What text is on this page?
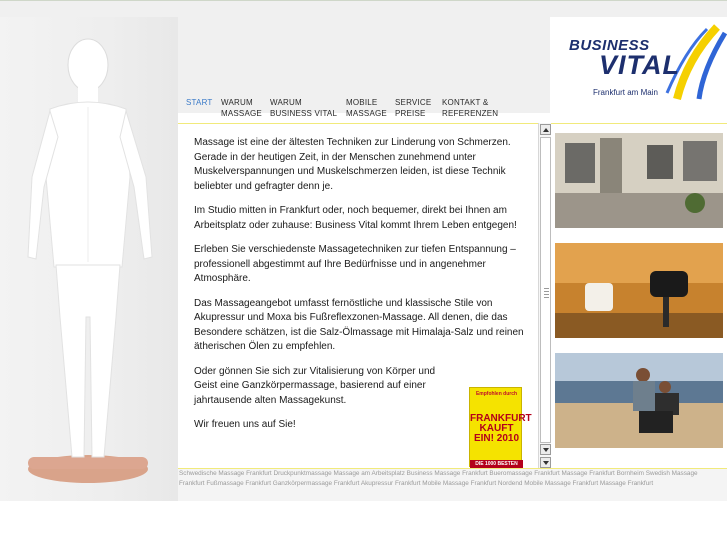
BUSINESS
VITAL
Frankfurt am Main
START	WARUM MASSAGE
WARUM BUSINESS VITAL
MOBILE MASSAGE
SERVICE PREISE
KONTAKT & REFERENZEN

Massage ist eine der ältesten Techniken zur Linderung von Schmerzen. Gerade in der heutigen Zeit, in der Menschen zunehmend unter Muskelverspannungen und Muskelschmerzen leiden, ist diese Technik beliebter und gefragter denn je.

Im Studio mitten in Frankfurt oder, noch bequemer, direkt bei Ihnen am Arbeitsplatz oder zuhause: Business Vital kommt Ihrem Leben entgegen!

Erleben Sie verschiedenste Massagetechniken zur tiefen Entspannung – professionell abgestimmt auf Ihre Bedürfnisse und in angenehmer Atmosphäre.

Das Massageangebot umfasst fernöstliche und klassische Stile von Akupressur und Moxa bis Fußreflexzonen-Massage. All denen, die das Besondere schätzen, ist die Salz-Ölmassage mit Himalaja-Salz und reinen ätherischen Ölen zu empfehlen.

Oder gönnen Sie sich zur Vitalisierung von Körper und Geist eine Ganzkörpermassage, basierend auf einer jahrtausende alten Massagekunst.

Wir freuen uns auf Sie!

Empfohlen durch
FRANKFURT KAUFT EIN! 2010
DIE 1000 BESTEN

Schwedische Massage Frankfurt Druckpunktmassage Massage am Arbeitsplatz Business Massage Frankfurt Bueromassage Frankfurt Massage Frankfurt Bornheim Swedish Massage Frankfurt Fußmassage Frankfurt Ganzkörpermassage Frankfurt Akupressur Frankfurt Mobile Massage Frankfurt Nordend Mobile Massage Frankfurt Massage Frankfurt
